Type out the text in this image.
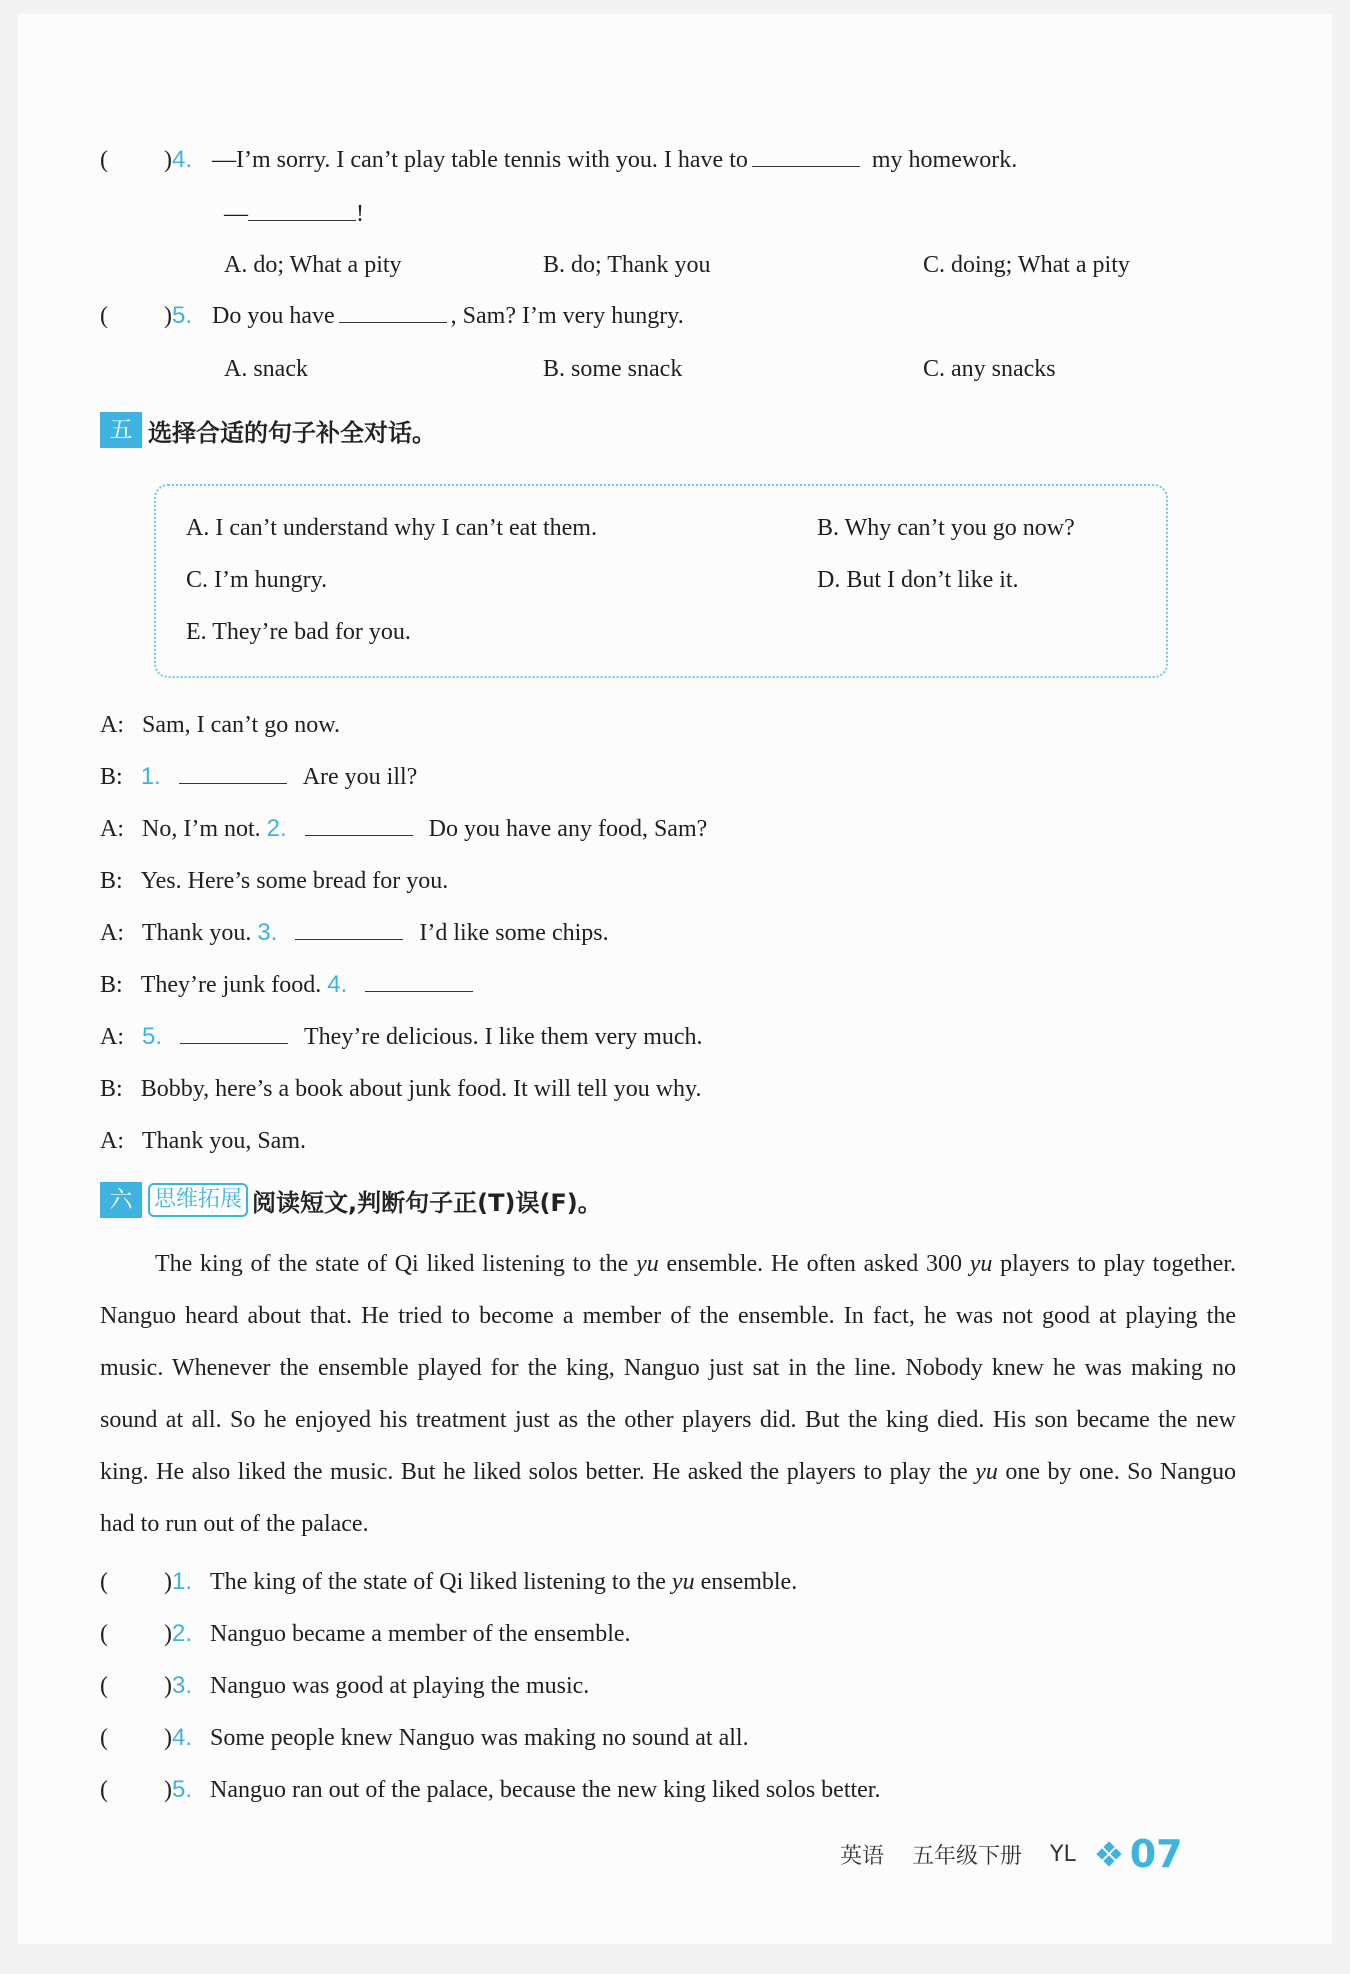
( )4. —I’m sorry. I can’t play table tennis with you. I have to	my homework.
—	!
A. do; What a pity	B. do; Thank you	C. doing; What a pity
( )5. Do you have	, Sam? I’m very hungry.
A. snack	B. some snack	C. any snacks
五 选择合适的句子补全对话。
A. I can’t understand why I can’t eat them.	B. Why can’t you go now?
C. I’m hungry.	D. But I don’t like it.
E. They’re bad for you.
A: Sam, I can’t go now.
B: 1.	Are you ill?
A: No, I’m not. 2.	Do you have any food, Sam?
B: Yes. Here’s some bread for you.
A: Thank you. 3.	I’d like some chips.
B: They’re junk food. 4.
A: 5.	They’re delicious. I like them very much.
B: Bobby, here’s a book about junk food. It will tell you why.
A: Thank you, Sam.
六 思维拓展 阅读短文,判断句子正(T)误(F)。

The king of the state of Qi liked listening to the yu ensemble. He often asked 300 yu players to play together. Nanguo heard about that. He tried to become a member of the ensemble. In fact, he was not good at playing the music. Whenever the ensemble played for the king, Nanguo just sat in the line. Nobody knew he was making no sound at all. So he enjoyed his treatment just as the other players did. But the king died. His son became the new king. He also liked the music. But he liked solos better. He asked the players to play the yu one by one. So Nanguo had to run out of the palace.

( )1. The king of the state of Qi liked listening to the yu ensemble.
( )2. Nanguo became a member of the ensemble.
( )3. Nanguo was good at playing the music.
( )4. Some people knew Nanguo was making no sound at all.
( )5. Nanguo ran out of the palace, because the new king liked solos better.
英语 五年级下册 YL 07
